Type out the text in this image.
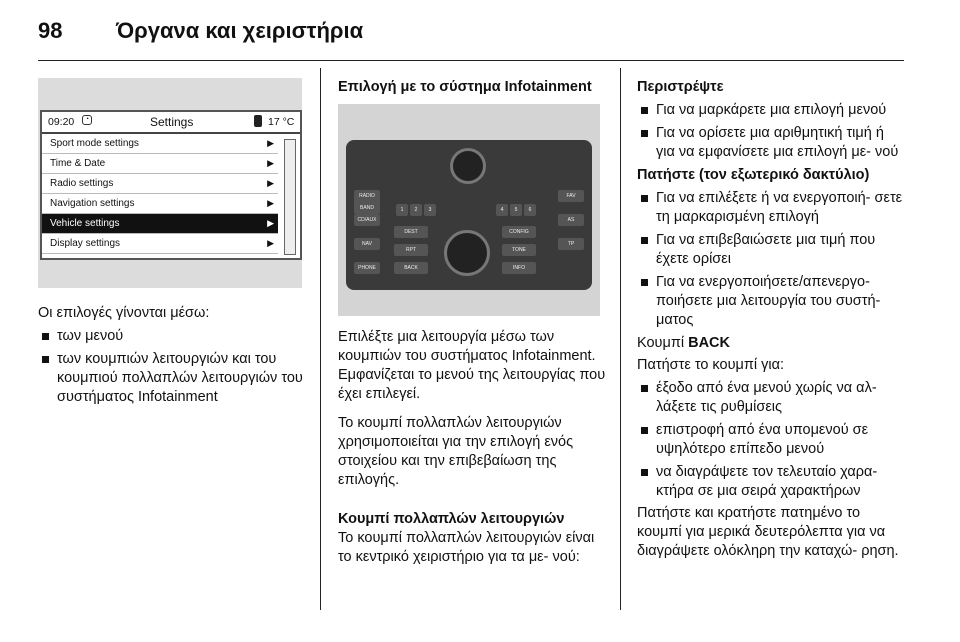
98 Όργανα και χειριστήρια
09:20	◔	Settings	17 °C
Sport mode settings	▶
Time & Date	▶
Radio settings	▶
Navigation settings	▶
Vehicle settings	▶
Display settings	▶

Οι επιλογές γίνονται μέσω:

των μενού

των κουμπιών λειτουργιών και του κουμπιού πολλαπλών λειτουργιών του συστήματος Infotainment

Επιλογή με το σύστημα Infotainment

RADIO BAND
CD/AUX
NAV
PHONE
FAV
AS
TP
DEST
RPT
BACK
CONFIG
TONE
INFO
1	2	3	4	5	6

Επιλέξτε μια λειτουργία μέσω των κουμπιών του συστήματος Infotainment. Εμφανίζεται το μενού της λειτουργίας που έχει επιλεγεί.

Το κουμπί πολλαπλών λειτουργιών χρησιμοποιείται για την επιλογή ενός στοιχείου και την επιβεβαίωση της επιλογής.

Κουμπί πολλαπλών λειτουργιών

Το κουμπί πολλαπλών λειτουργιών είναι το κεντρικό χειριστήριο για τα με- νού:

Περιστρέψτε

Για να μαρκάρετε μια επιλογή μενού

Για να ορίσετε μια αριθμητική τιμή ή για να εμφανίσετε μια επιλογή με- νού

Πατήστε (τον εξωτερικό δακτύλιο)

Για να επιλέξετε ή να ενεργοποιή- σετε τη μαρκαρισμένη επιλογή

Για να επιβεβαιώσετε μια τιμή που έχετε ορίσει

Για να ενεργοποιήσετε/απενεργο- ποιήσετε μια λειτουργία του συστή- ματος

Κουμπί BACK

Πατήστε το κουμπί για:

έξοδο από ένα μενού χωρίς να αλ- λάξετε τις ρυθμίσεις

επιστροφή από ένα υπομενού σε υψηλότερο επίπεδο μενού

να διαγράψετε τον τελευταίο χαρα- κτήρα σε μια σειρά χαρακτήρων

Πατήστε και κρατήστε πατημένο το κουμπί για μερικά δευτερόλεπτα για να διαγράψετε ολόκληρη την καταχώ- ρηση.
